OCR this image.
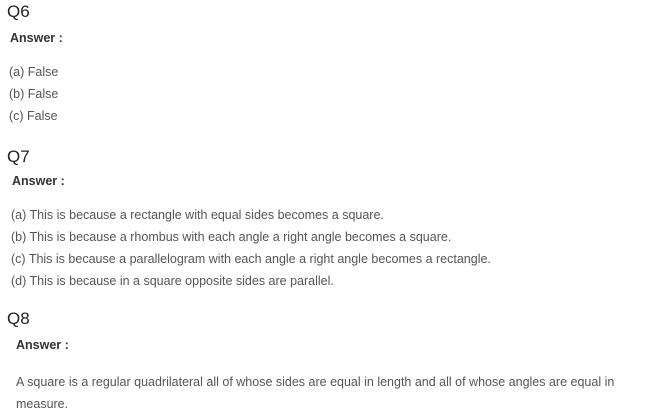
Q6
Answer :
(a) False
(b) False
(c) False
Q7
Answer :
(a) This is because a rectangle with equal sides becomes a square.
(b) This is because a rhombus with each angle a right angle becomes a square.
(c) This is because a parallelogram with each angle a right angle becomes a rectangle.
(d) This is because in a square opposite sides are parallel.
Q8
Answer :
A square is a regular quadrilateral all of whose sides are equal in length and all of whose angles are equal in measure.
